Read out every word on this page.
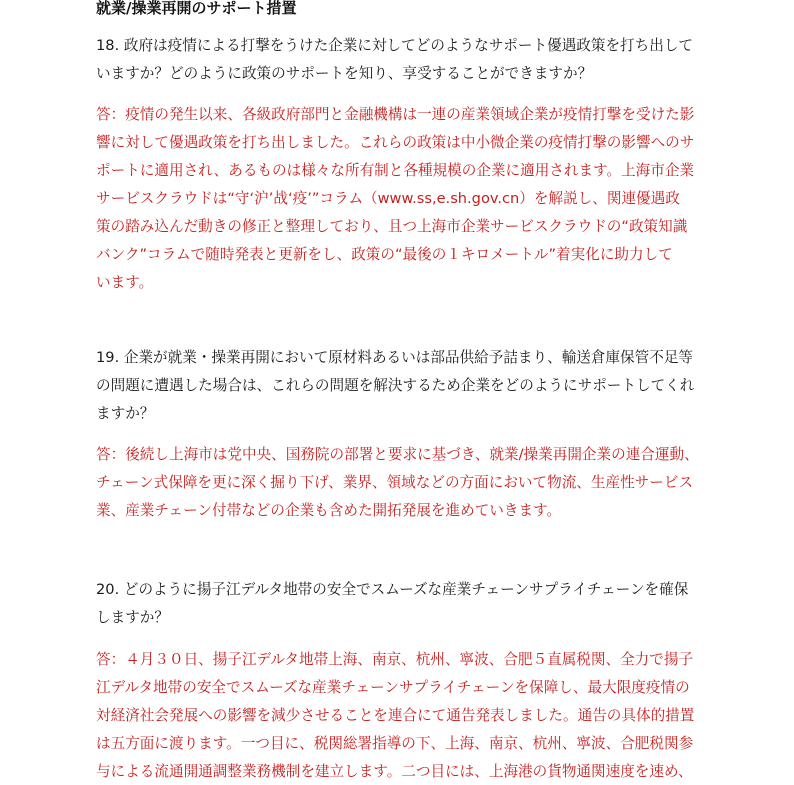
就業/操業再開のサポート措置
18. 政府は疫情による打撃をうけた企業に対してどのようなサポート優遇政策を打ち出して
いますか？どのように政策のサポートを知り、享受することができますか？
答：疫情の発生以来、各級政府部門と金融機構は一連の産業領域企業が疫情打撃を受けた影
響に対して優遇政策を打ち出しました。これらの政策は中小微企業の疫情打撃の影響へのサ
ポートに適用され、あるものは様々な所有制と各種規模の企業に適用されます。上海市企業
サービスクラウドは“守‘沪’战‘疫’”コラム（www.ss,e.sh.gov.cn）を解説し、関連優遇政
策の踏み込んだ動きの修正と整理しており、且つ上海市企業サービスクラウドの“政策知識
バンク”コラムで随時発表と更新をし、政策の“最後の１キロメートル”着実化に助力して
います。
19. 企業が就業・操業再開において原材料あるいは部品供給予詰まり、輸送倉庫保管不足等
の問題に遭遇した場合は、これらの問題を解決するため企業をどのようにサポートしてくれ
ますか？
答：後続し上海市は党中央、国務院の部署と要求に基づき、就業/操業再開企業の連合運動、
チェーン式保障を更に深く掘り下げ、業界、領域などの方面において物流、生産性サービス
業、産業チェーン付帯などの企業も含めた開拓発展を進めていきます。
20. どのように揚子江デルタ地帯の安全でスムーズな産業チェーンサプライチェーンを確保
しますか？
答：４月３０日、揚子江デルタ地帯上海、南京、杭州、寧波、合肥５直属税関、全力で揚子
江デルタ地帯の安全でスムーズな産業チェーンサプライチェーンを保障し、最大限度疫情の
対経済社会発展への影響を減少させることを連合にて通告発表しました。通告の具体的措置
は五方面に渡ります。一つ目に、税関総署指導の下、上海、南京、杭州、寧波、合肥税関参
与による流通開通調整業務機制を建立します。二つ目には、上海港の貨物通関速度を速め、
